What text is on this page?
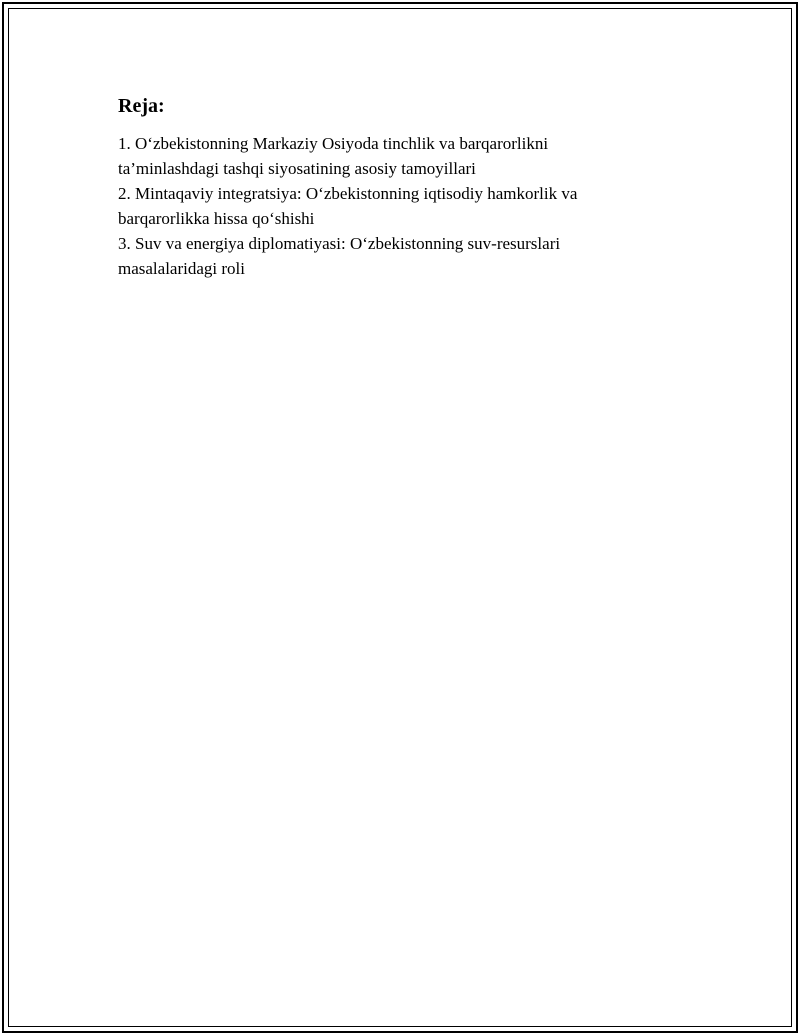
Reja:
1. O‘zbekistonning Markaziy Osiyoda tinchlik va barqarorlikni
ta’minlashdagi tashqi siyosatining asosiy tamoyillari
2. Mintaqaviy integratsiya: O‘zbekistonning iqtisodiy hamkorlik va
barqarorlikka hissa qo‘shishi
3. Suv va energiya diplomatiyasi: O‘zbekistonning suv-resurslari
masalalaridagi roli
